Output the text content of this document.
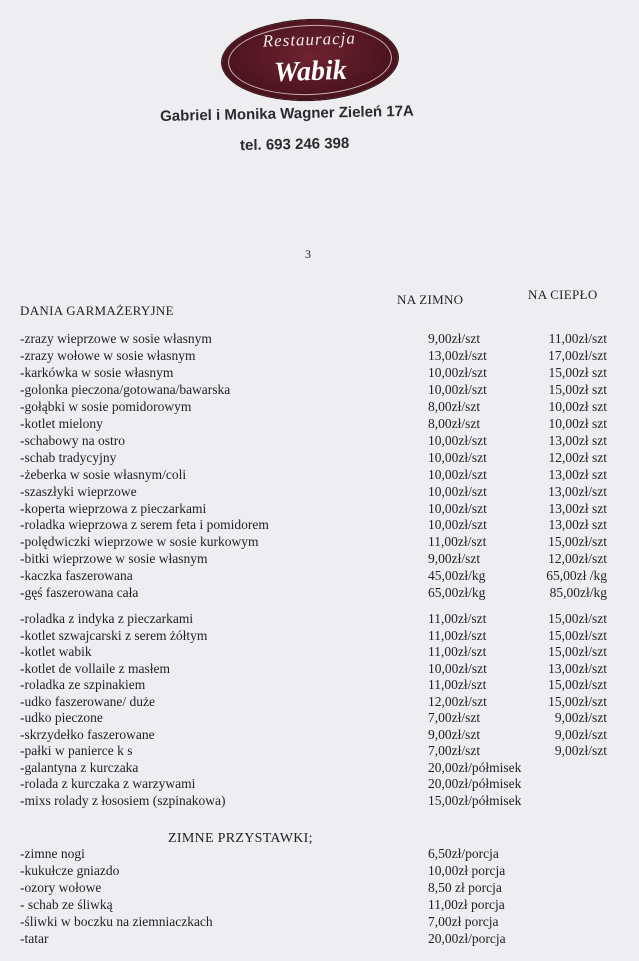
Restauracja
Wabik
Gabriel i Monika Wagner Zieleń 17A
tel. 693 246 398
3
DANIA GARMAŻERYJNE
NA ZIMNO	NA CIEPŁO
-zrazy wieprzowe w sosie własnym	9,00zł/szt	11,00zł/szt
-zrazy wołowe w sosie własnym	13,00zł/szt	17,00zł/szt
-karkówka w sosie własnym	10,00zł/szt	15,00zł szt
-golonka pieczona/gotowana/bawarska	10,00zł/szt	15,00zł szt
-gołąbki w sosie pomidorowym	8,00zł/szt	10,00zł szt
-kotlet mielony	8,00zł/szt	10,00zł szt
-schabowy na ostro	10,00zł/szt	13,00zł szt
-schab tradycyjny	10,00zł/szt	12,00zł szt
-żeberka w sosie własnym/coli	10,00zł/szt	13,00zł szt
-szaszłyki wieprzowe	10,00zł/szt	13,00zł/szt
-koperta wieprzowa z pieczarkami	10,00zł/szt	13,00zł szt
-roladka wieprzowa z serem feta i pomidorem	10,00zł/szt	13,00zł szt
-polędwiczki wieprzowe w sosie kurkowym	11,00zł/szt	15,00zł/szt
-bitki wieprzowe w sosie własnym	9,00zł/szt	12,00zł/szt
-kaczka faszerowana	45,00zł/kg	65,00zł /kg
-gęś faszerowana cała	65,00zł/kg	85,00zł/kg
-roladka z indyka z pieczarkami	11,00zł/szt	15,00zł/szt
-kotlet szwajcarski z serem żółtym	11,00zł/szt	15,00zł/szt
-kotlet wabik	11,00zł/szt	15,00zł/szt
-kotlet de vollaile z masłem	10,00zł/szt	13,00zł/szt
-roladka ze szpinakiem	11,00zł/szt	15,00zł/szt
-udko faszerowane/ duże	12,00zł/szt	15,00zł/szt
-udko pieczone	7,00zł/szt	9,00zł/szt
-skrzydełko faszerowane	9,00zł/szt	9,00zł/szt
-pałki w panierce k s	7,00zł/szt	9,00zł/szt
-galantyna z kurczaka	20,00zł/półmisek
-rolada z kurczaka z warzywami	20,00zł/półmisek
-mixs rolady z łososiem (szpinakowa)	15,00zł/półmisek
ZIMNE PRZYSTAWKI;
-zimne nogi	6,50zł/porcja
-kukułcze gniazdo	10,00zł porcja
-ozory wołowe	8,50 zł porcja
- schab ze śliwką	11,00zł porcja
-śliwki w boczku na ziemniaczkach	7,00zł porcja
-tatar	20,00zł/porcja
